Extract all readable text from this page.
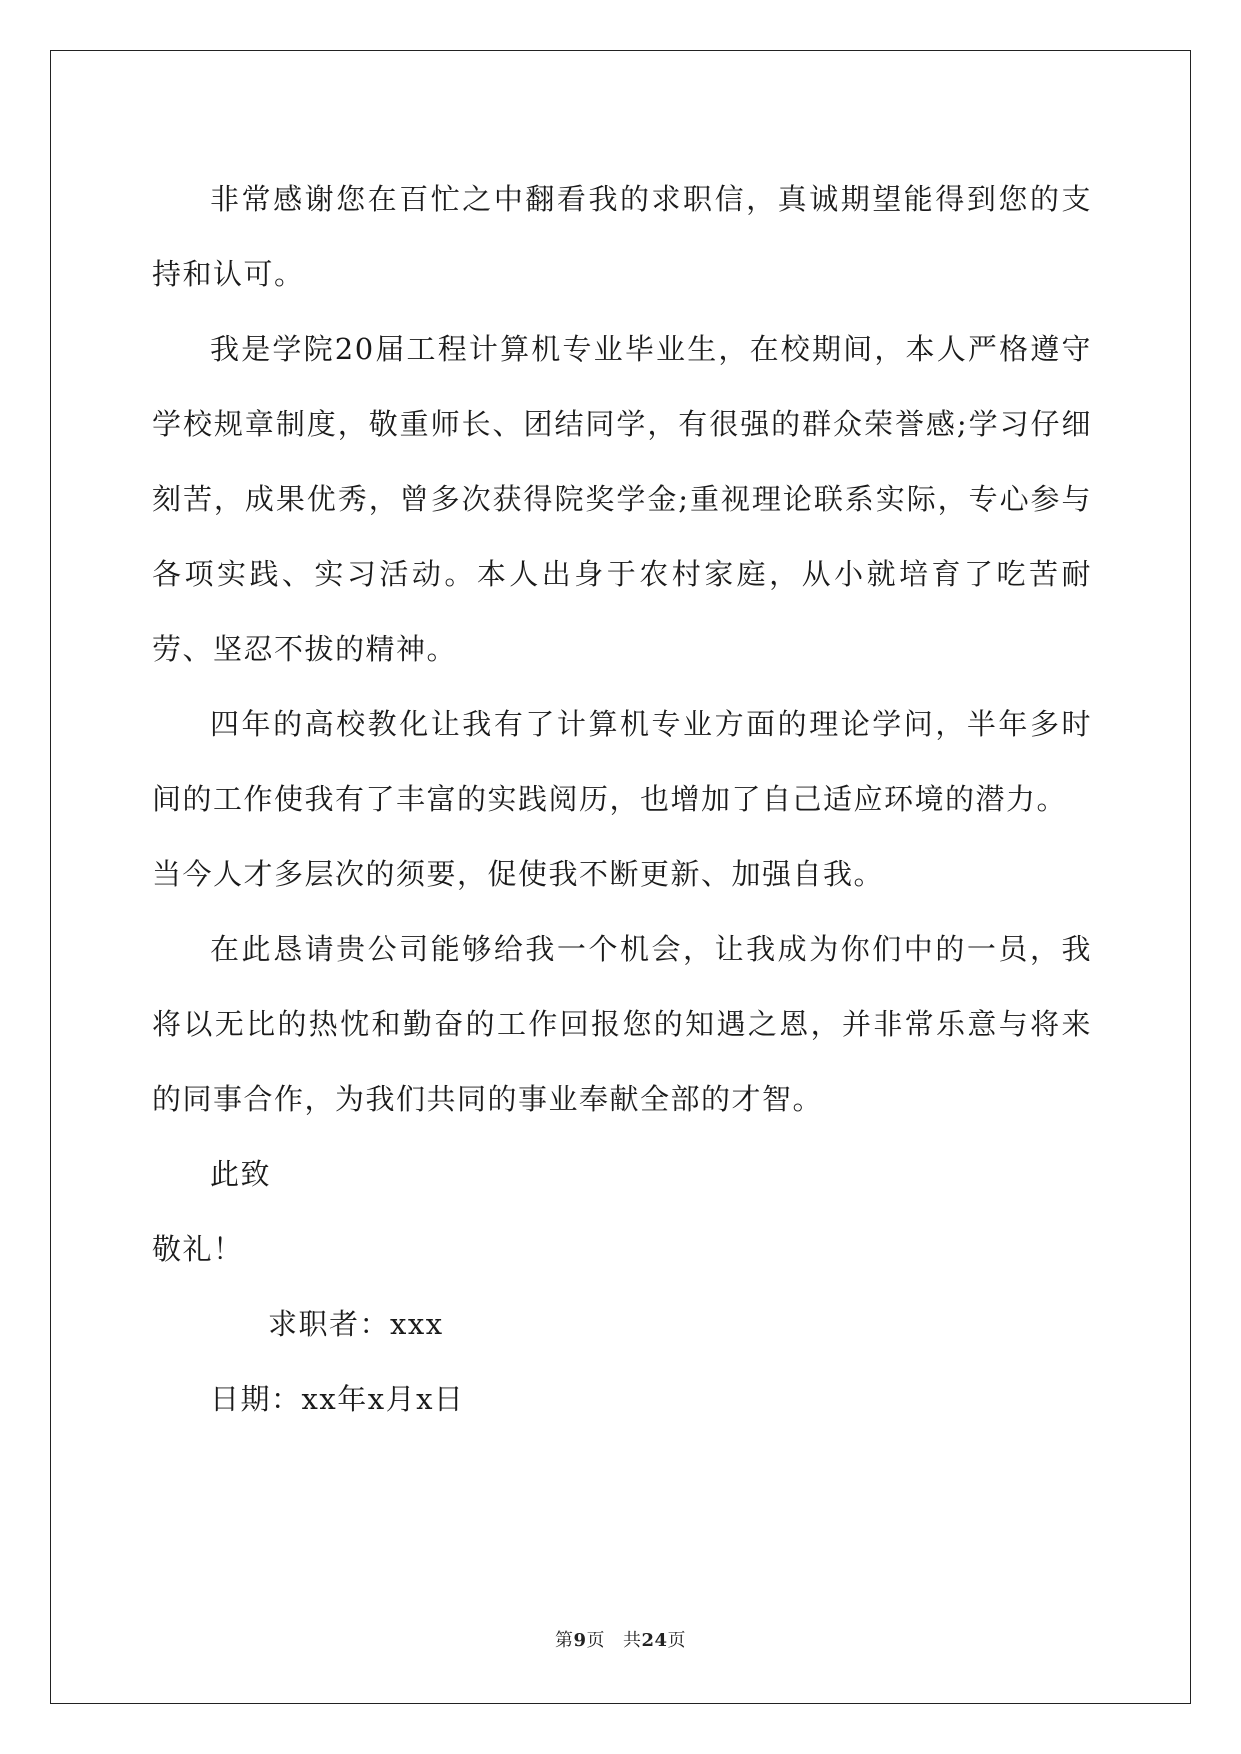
非常感谢您在百忙之中翻看我的求职信，真诚期望能得到您的支持和认可。

我是学院20届工程计算机专业毕业生，在校期间，本人严格遵守学校规章制度，敬重师长、团结同学，有很强的群众荣誉感;学习仔细刻苦，成果优秀，曾多次获得院奖学金;重视理论联系实际，专心参与各项实践、实习活动。本人出身于农村家庭，从小就培育了吃苦耐劳、坚忍不拔的精神。

四年的高校教化让我有了计算机专业方面的理论学问，半年多时间的工作使我有了丰富的实践阅历，也增加了自己适应环境的潜力。

当今人才多层次的须要，促使我不断更新、加强自我。

在此恳请贵公司能够给我一个机会，让我成为你们中的一员，我将以无比的热忱和勤奋的工作回报您的知遇之恩，并非常乐意与将来的同事合作，为我们共同的事业奉献全部的才智。

此致

敬礼！

求职者：xxx

日期：xx年x月x日

第9页 共24页
